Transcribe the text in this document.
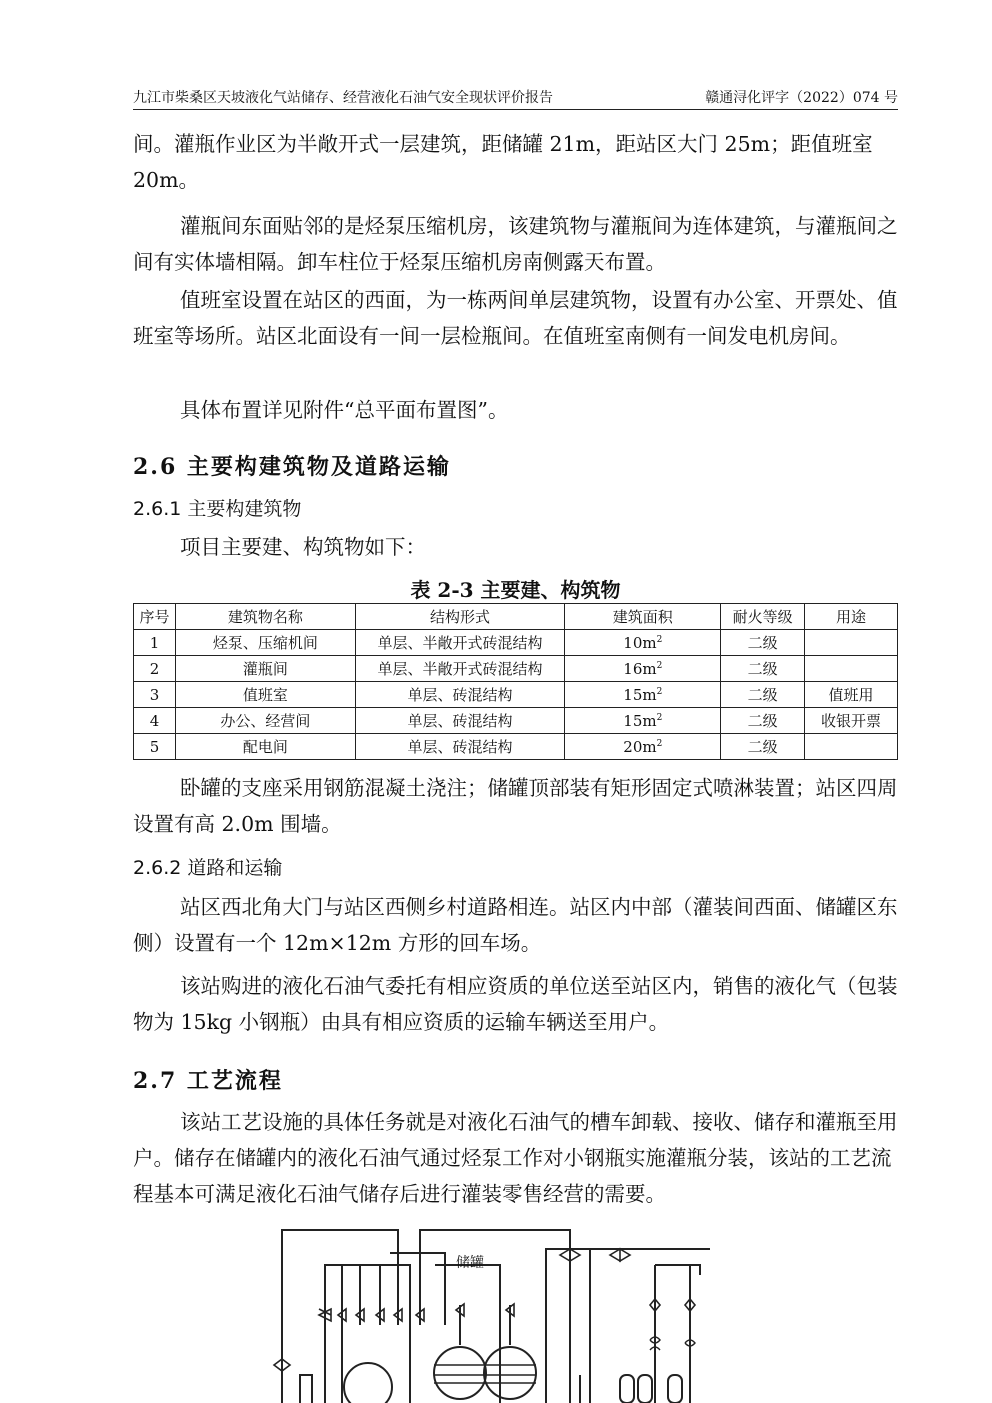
九江市柴桑区天坡液化气站储存、经营液化石油气安全现状评价报告	赣通浔化评字（2022）074 号

间。灌瓶作业区为半敞开式一层建筑，距储罐 21m，距站区大门 25m；距值班室 20m。

灌瓶间东面贴邻的是烃泵压缩机房，该建筑物与灌瓶间为连体建筑，与灌瓶间之间有实体墙相隔。卸车柱位于烃泵压缩机房南侧露天布置。

值班室设置在站区的西面，为一栋两间单层建筑物，设置有办公室、开票处、值班室等场所。站区北面设有一间一层检瓶间。在值班室南侧有一间发电机房间。

具体布置详见附件“总平面布置图”。

2.6 主要构建筑物及道路运输
2.6.1 主要构建筑物

项目主要建、构筑物如下：

表 2-3 主要建、构筑物
序号	建筑物名称	结构形式	建筑面积	耐火等级	用途
1	烃泵、压缩机间	单层、半敞开式砖混结构	$10m^2$	二级	
2	灌瓶间	单层、半敞开式砖混结构	$16m^2$	二级	
3	值班室	单层、砖混结构	$15m^2$	二级	值班用
4	办公、经营间	单层、砖混结构	$15m^2$	二级	收银开票
5	配电间	单层、砖混结构	$20m^2$	二级	

卧罐的支座采用钢筋混凝土浇注；储罐顶部装有矩形固定式喷淋装置；站区四周设置有高 2.0m 围墙。

2.6.2 道路和运输

站区西北角大门与站区西侧乡村道路相连。站区内中部（灌装间西面、储罐区东侧）设置有一个 12m×12m 方形的回车场。

该站购进的液化石油气委托有相应资质的单位送至站区内，销售的液化气（包装物为 15kg 小钢瓶）由具有相应资质的运输车辆送至用户。

2.7 工艺流程

该站工艺设施的具体任务就是对液化石油气的槽车卸载、接收、储存和灌瓶至用户。储存在储罐内的液化石油气通过烃泵工作对小钢瓶实施灌瓶分装，该站的工艺流程基本可满足液化石油气储存后进行灌装零售经营的需要。

储罐
